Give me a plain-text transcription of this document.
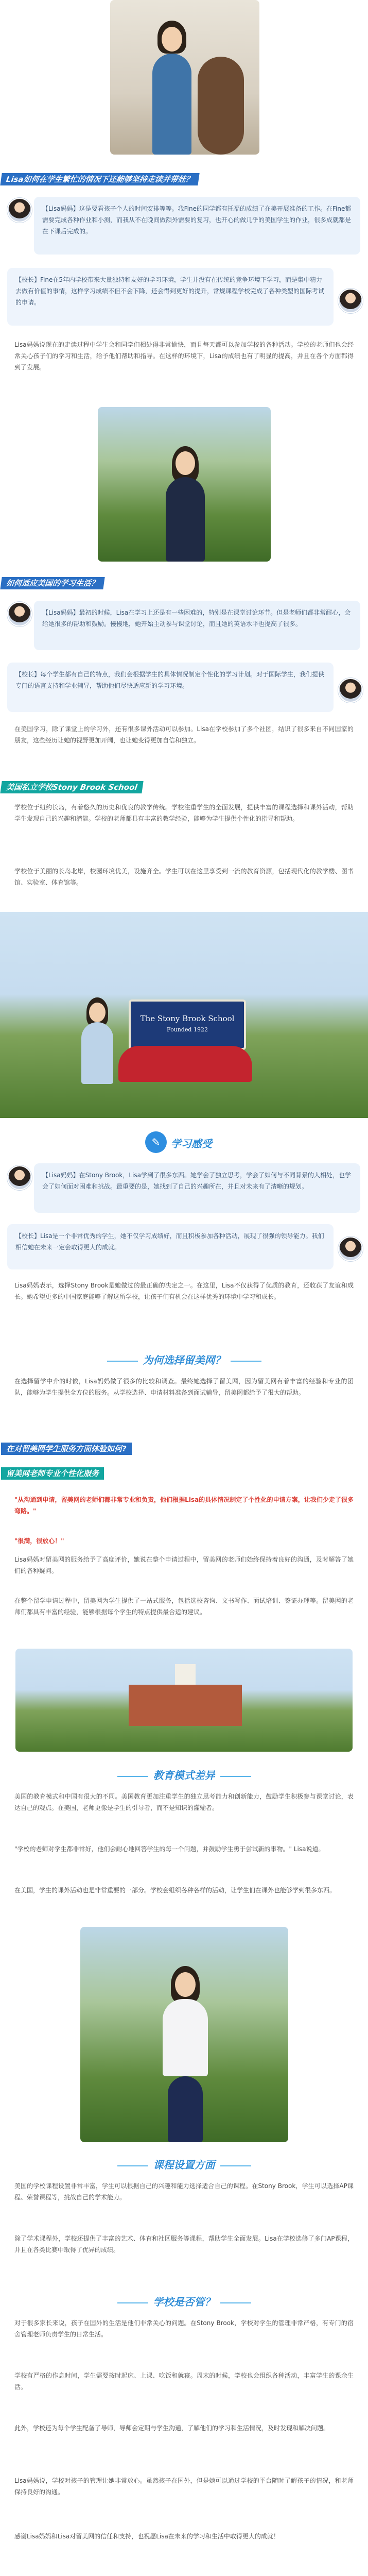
Lisa如何在学生繁忙的情况下还能够坚持走读并带娃？
【Lisa妈妈】这是要看孩子个人的时间安排等等。我Fine的同学都有托福的成绩了在美开展准备的工作。在Fine都需要完成各种作业和小测，而我从不在晚间做额外需要的复习，也开心的做几乎的美国学生的作业，很多成就都是在下课后完成的。
【校长】Fine在5年内学校带来大量独特和友好的学习环境，学生并没有在传统的竞争环境下学习，而是集中精力去做有价值的事情，这样学习成绩不但不会下降，还会得到更好的提升，常规课程学校完成了各种类型的国际考试的申请。
Lisa妈妈说现在的走读过程中学生会和同学们相处得非常愉快，而且每天都可以参加学校的各种活动。学校的老师们也会经常关心孩子们的学习和生活，给予他们帮助和指导。在这样的环境下，Lisa的成绩也有了明显的提高，并且在各个方面都得到了发展。
如何适应美国的学习生活？
【Lisa妈妈】最初的时候，Lisa在学习上还是有一些困难的，特别是在课堂讨论环节。但是老师们都非常耐心，会给她很多的帮助和鼓励。慢慢地，她开始主动参与课堂讨论，而且她的英语水平也提高了很多。
【校长】每个学生都有自己的特点，我们会根据学生的具体情况制定个性化的学习计划。对于国际学生，我们提供专门的语言支持和学业辅导，帮助他们尽快适应新的学习环境。
在美国学习，除了课堂上的学习外，还有很多课外活动可以参加。Lisa在学校参加了多个社团，结识了很多来自不同国家的朋友，这些经历让她的视野更加开阔，也让她变得更加自信和独立。
美国私立学校Stony Brook School
学校位于纽约长岛，有着悠久的历史和优良的教学传统。学校注重学生的全面发展，提供丰富的课程选择和课外活动，帮助学生发现自己的兴趣和潜能。学校的老师都具有丰富的教学经验，能够为学生提供个性化的指导和帮助。
学校位于美丽的长岛北岸，校园环境优美，设施齐全。学生可以在这里享受到一流的教育资源，包括现代化的教学楼、图书馆、实验室、体育馆等。
The Stony Brook School
Founded 1922
✎	学习感受
【Lisa妈妈】在Stony Brook，Lisa学到了很多东西。她学会了独立思考，学会了如何与不同背景的人相处，也学会了如何面对困难和挑战。最重要的是，她找到了自己的兴趣所在，并且对未来有了清晰的规划。
【校长】Lisa是一个非常优秀的学生，她不仅学习成绩好，而且积极参加各种活动，展现了很强的领导能力。我们相信她在未来一定会取得更大的成就。
Lisa妈妈表示，选择Stony Brook是她做过的最正确的决定之一。在这里，Lisa不仅获得了优质的教育，还收获了友谊和成长。她希望更多的中国家庭能够了解这所学校，让孩子们有机会在这样优秀的环境中学习和成长。
为何选择留美网？
在选择留学中介的时候，Lisa妈妈做了很多的比较和调查。最终她选择了留美网，因为留美网有着丰富的经验和专业的团队，能够为学生提供全方位的服务。从学校选择、申请材料准备到面试辅导，留美网都给予了很大的帮助。
在对留美网学生服务方面体验如何?
留美网老师专业个性化服务
"从沟通到申请，留美网的老师们都非常专业和负责，他们根据Lisa的具体情况制定了个性化的申请方案，让我们少走了很多弯路。"
"很满，很放心！"
Lisa妈妈对留美网的服务给予了高度评价，她说在整个申请过程中，留美网的老师们始终保持着良好的沟通，及时解答了她们的各种疑问。
在整个留学申请过程中，留美网为学生提供了一站式服务，包括选校咨询、文书写作、面试培训、签证办理等。留美网的老师们都具有丰富的经验，能够根据每个学生的特点提供最合适的建议。
教育模式差异
美国的教育模式和中国有很大的不同。美国教育更加注重学生的独立思考能力和创新能力，鼓励学生积极参与课堂讨论，表达自己的观点。在美国，老师更像是学生的引导者，而不是知识的灌输者。
"学校的老师对学生都非常好，他们会耐心地回答学生的每一个问题，并鼓励学生勇于尝试新的事物。" Lisa说道。
在美国，学生的课外活动也是非常重要的一部分。学校会组织各种各样的活动，让学生们在课外也能够学到很多东西。
课程设置方面
美国的学校课程设置非常丰富，学生可以根据自己的兴趣和能力选择适合自己的课程。在Stony Brook，学生可以选择AP课程、荣誉课程等，挑战自己的学术能力。
除了学术课程外，学校还提供了丰富的艺术、体育和社区服务等课程，帮助学生全面发展。Lisa在学校选修了多门AP课程，并且在各类比赛中取得了优异的成绩。
学校是否管？
对于很多家长来说，孩子在国外的生活是他们非常关心的问题。在Stony Brook，学校对学生的管理非常严格，有专门的宿舍管理老师负责学生的日常生活。
学校有严格的作息时间，学生需要按时起床、上课、吃饭和就寝。周末的时候，学校也会组织各种活动，丰富学生的课余生活。
此外，学校还为每个学生配备了导师，导师会定期与学生沟通，了解他们的学习和生活情况，及时发现和解决问题。
Lisa妈妈说，学校对孩子的管理让她非常放心。虽然孩子在国外，但是她可以通过学校的平台随时了解孩子的情况，和老师保持良好的沟通。
感谢Lisa妈妈和Lisa对留美网的信任和支持，也祝愿Lisa在未来的学习和生活中取得更大的成就！
